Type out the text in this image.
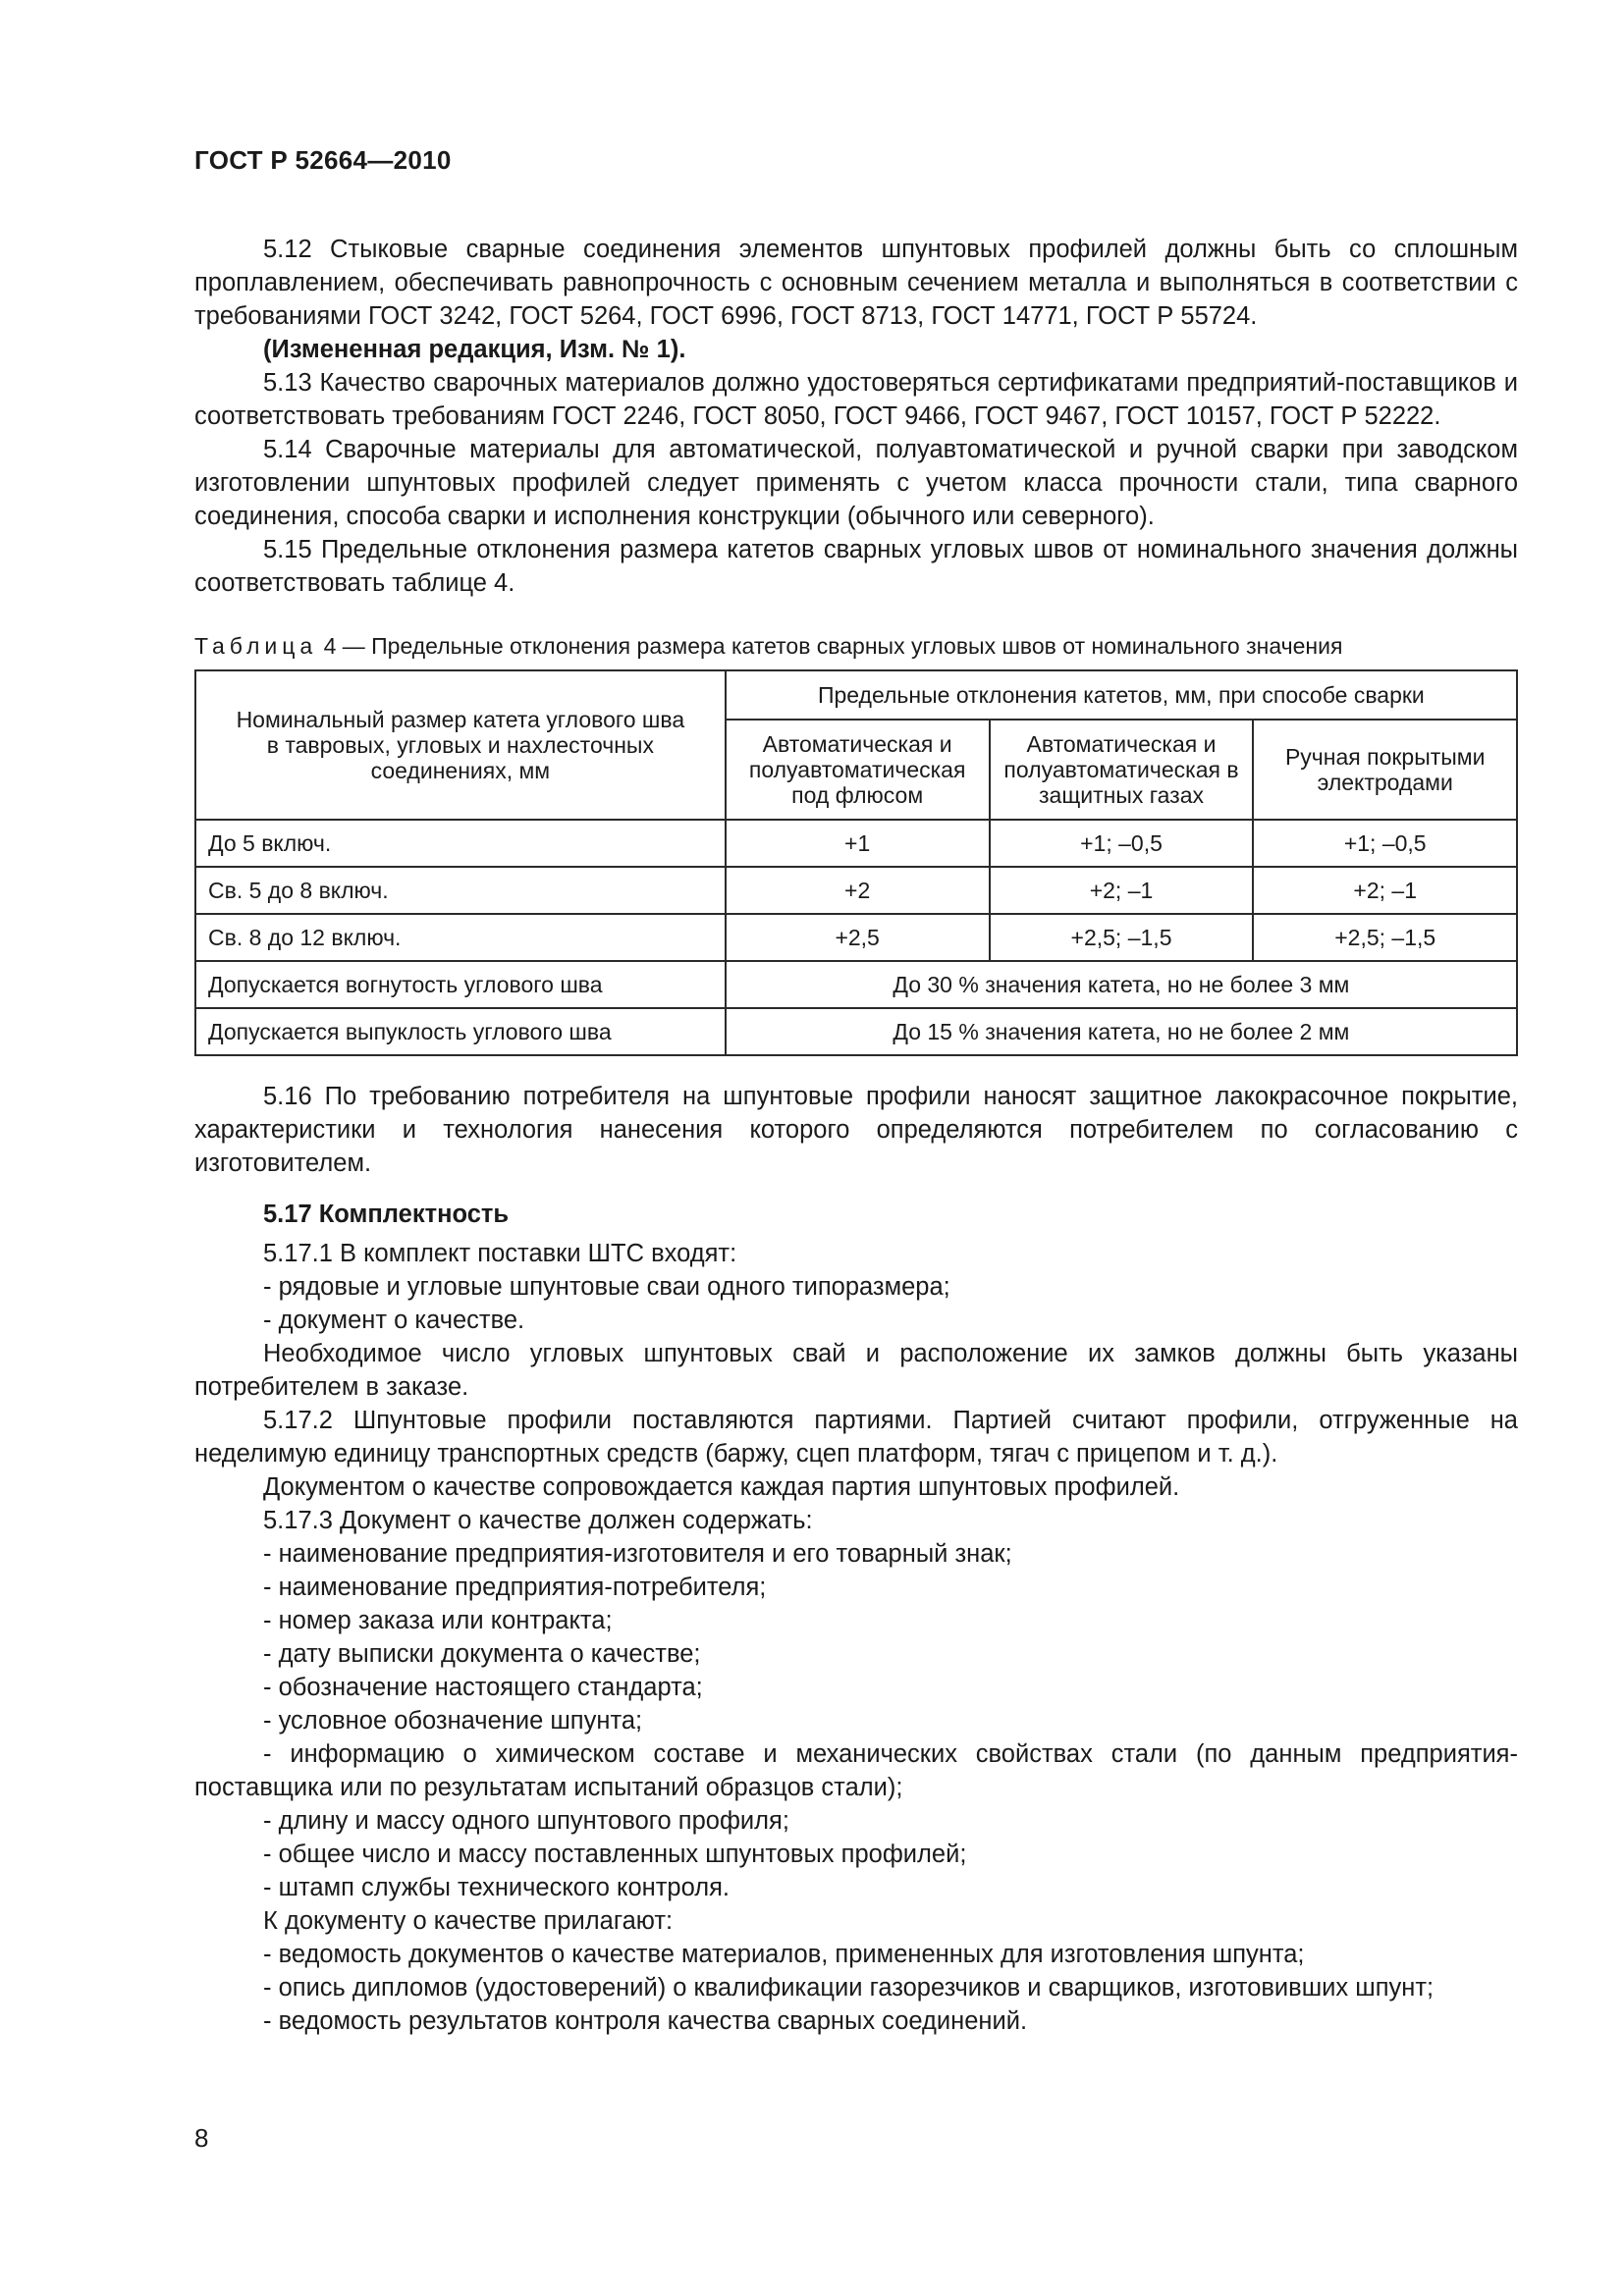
ГОСТ Р 52664—2010

5.12 Стыковые сварные соединения элементов шпунтовых профилей должны быть со сплошным проплавлением, обеспечивать равнопрочность с основным сечением металла и выполняться в соответствии с требованиями ГОСТ 3242, ГОСТ 5264, ГОСТ 6996, ГОСТ 8713, ГОСТ 14771, ГОСТ Р 55724.

(Измененная редакция, Изм. № 1).

5.13 Качество сварочных материалов должно удостоверяться сертификатами предприятий-поставщиков и соответствовать требованиям ГОСТ 2246, ГОСТ 8050, ГОСТ 9466, ГОСТ 9467, ГОСТ 10157, ГОСТ Р 52222.

5.14 Сварочные материалы для автоматической, полуавтоматической и ручной сварки при заводском изготовлении шпунтовых профилей следует применять с учетом класса прочности стали, типа сварного соединения, способа сварки и исполнения конструкции (обычного или северного).

5.15 Предельные отклонения размера катетов сварных угловых швов от номинального значения должны соответствовать таблице 4.

Таблица 4 — Предельные отклонения размера катетов сварных угловых швов от номинального значения
Номинальный размер катета углового шва в тавровых, угловых и нахлесточных соединениях, мм	Предельные отклонения катетов, мм, при способе сварки		
	Автоматическая и полуавтоматическая под флюсом	Автоматическая и полуавтоматическая в защитных газах	Ручная покрытыми электродами
До 5 включ.	+1	+1; –0,5	+1; –0,5
Св. 5 до 8 включ.	+2	+2; –1	+2; –1
Св. 8 до 12 включ.	+2,5	+2,5; –1,5	+2,5; –1,5
Допускается вогнутость углового шва	До 30 % значения катета, но не более 3 мм		
Допускается выпуклость углового шва	До 15 % значения катета, но не более 2 мм		

5.16 По требованию потребителя на шпунтовые профили наносят защитное лакокрасочное покрытие, характеристики и технология нанесения которого определяются потребителем по согласованию с изготовителем.

5.17 Комплектность

5.17.1 В комплект поставки ШТС входят:

- рядовые и угловые шпунтовые сваи одного типоразмера;

- документ о качестве.

Необходимое число угловых шпунтовых свай и расположение их замков должны быть указаны потребителем в заказе.

5.17.2 Шпунтовые профили поставляются партиями. Партией считают профили, отгруженные на неделимую единицу транспортных средств (баржу, сцеп платформ, тягач с прицепом и т. д.).

Документом о качестве сопровождается каждая партия шпунтовых профилей.

5.17.3 Документ о качестве должен содержать:

- наименование предприятия-изготовителя и его товарный знак;

- наименование предприятия-потребителя;

- номер заказа или контракта;

- дату выписки документа о качестве;

- обозначение настоящего стандарта;

- условное обозначение шпунта;

- информацию о химическом составе и механических свойствах стали (по данным предприятия-поставщика или по результатам испытаний образцов стали);

- длину и массу одного шпунтового профиля;

- общее число и массу поставленных шпунтовых профилей;

- штамп службы технического контроля.

К документу о качестве прилагают:

- ведомость документов о качестве материалов, примененных для изготовления шпунта;

- опись дипломов (удостоверений) о квалификации газорезчиков и сварщиков, изготовивших шпунт;

- ведомость результатов контроля качества сварных соединений.

8
